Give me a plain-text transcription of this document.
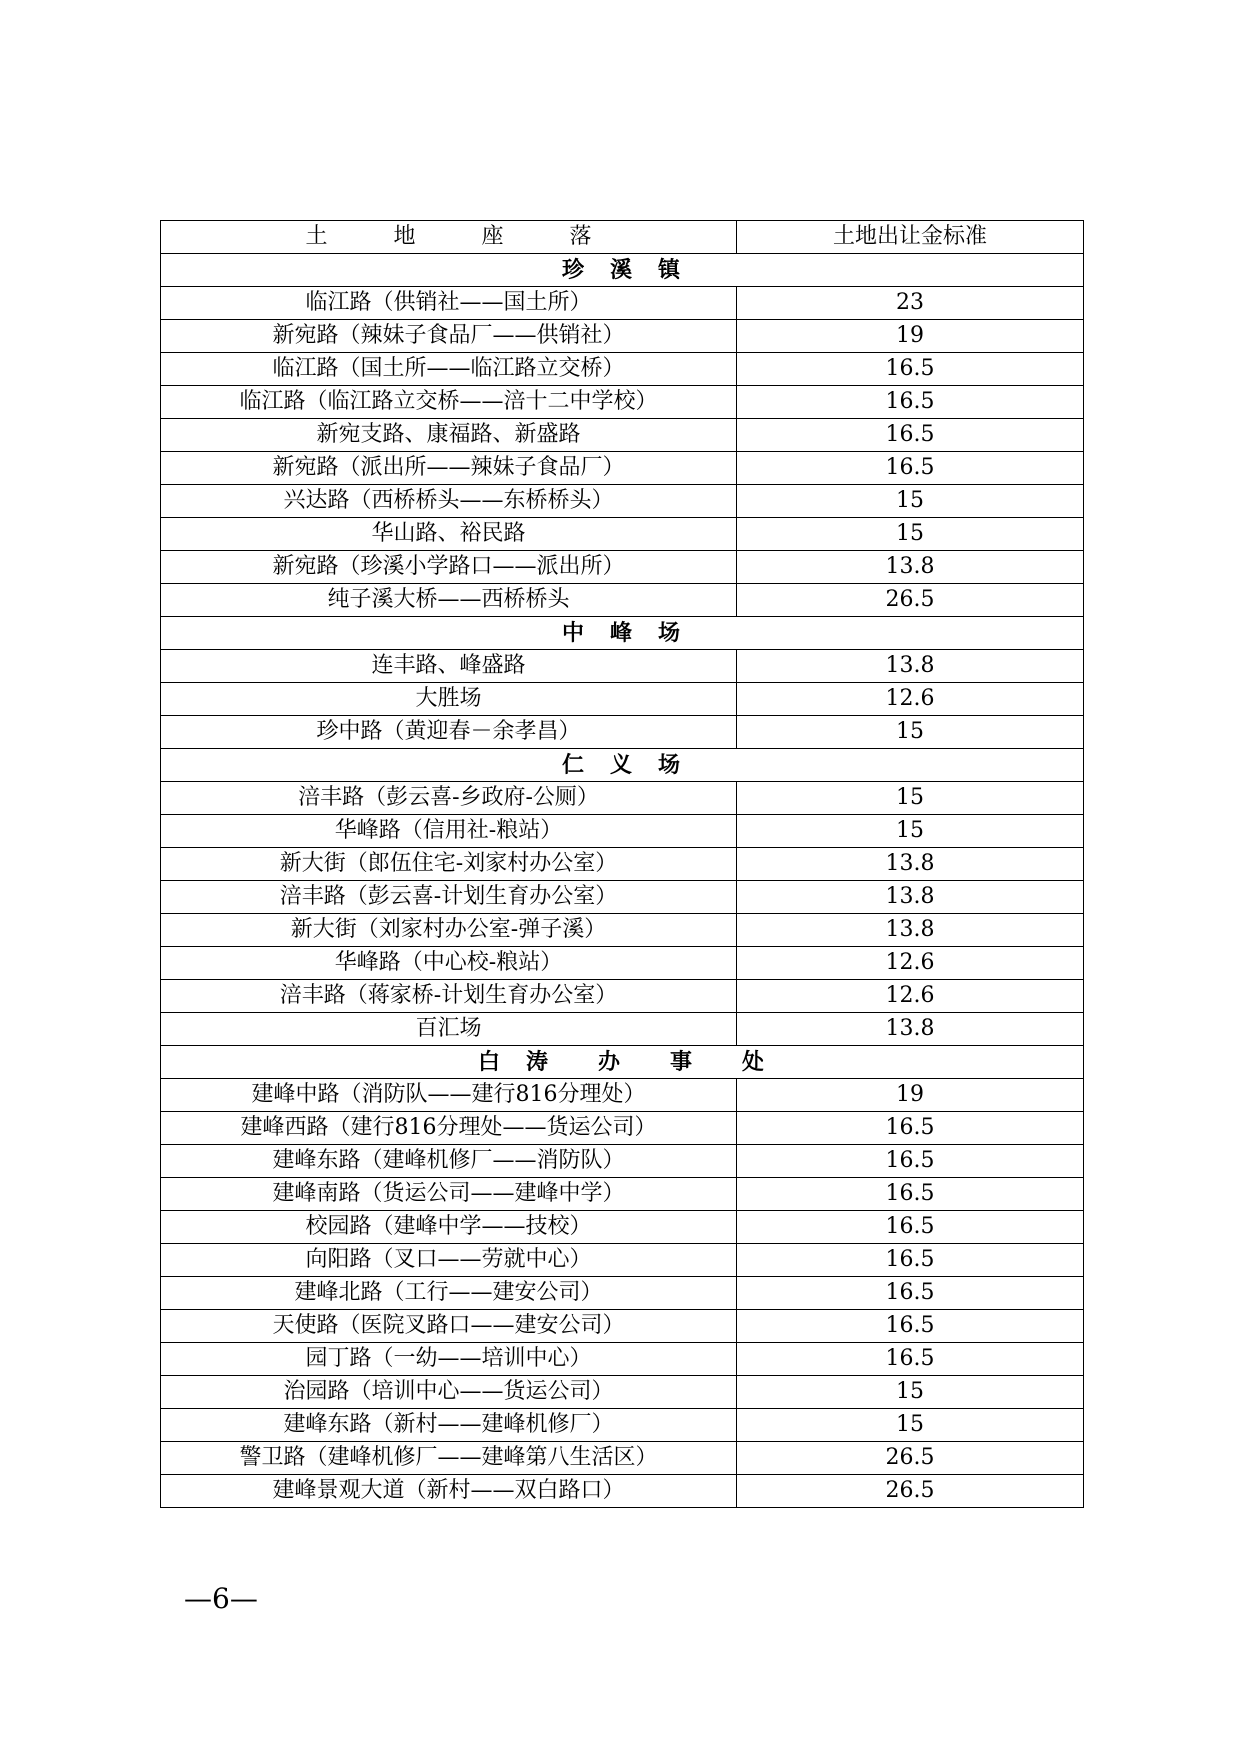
土　　　地　　　座　　　落	土地出让金标准
珍　溪　镇	
临江路（供销社——国土所）	23
新宛路（辣妹子食品厂——供销社）	19
临江路（国土所——临江路立交桥）	16.5
临江路（临江路立交桥——涪十二中学校）	16.5
新宛支路、康福路、新盛路	16.5
新宛路（派出所——辣妹子食品厂）	16.5
兴达路（西桥桥头——东桥桥头）	15
华山路、裕民路	15
新宛路（珍溪小学路口——派出所）	13.8
纯子溪大桥——西桥桥头	26.5
中　峰　场	
连丰路、峰盛路	13.8
大胜场	12.6
珍中路（黄迎春－余孝昌）	15
仁　义　场	
涪丰路（彭云喜-乡政府-公厕）	15
华峰路（信用社-粮站）	15
新大街（郎伍住宅-刘家村办公室）	13.8
涪丰路（彭云喜-计划生育办公室）	13.8
新大街（刘家村办公室-弹子溪）	13.8
华峰路（中心校-粮站）	12.6
涪丰路（蒋家桥-计划生育办公室）	12.6
百汇场	13.8
白　涛　　办　　事　　处	
建峰中路（消防队——建行816分理处）	19
建峰西路（建行816分理处——货运公司）	16.5
建峰东路（建峰机修厂——消防队）	16.5
建峰南路（货运公司——建峰中学）	16.5
校园路（建峰中学——技校）	16.5
向阳路（叉口——劳就中心）	16.5
建峰北路（工行——建安公司）	16.5
天使路（医院叉路口——建安公司）	16.5
园丁路（一幼——培训中心）	16.5
治园路（培训中心——货运公司）	15
建峰东路（新村——建峰机修厂）	15
警卫路（建峰机修厂——建峰第八生活区）	26.5
建峰景观大道（新村——双白路口）	26.5
—6—
